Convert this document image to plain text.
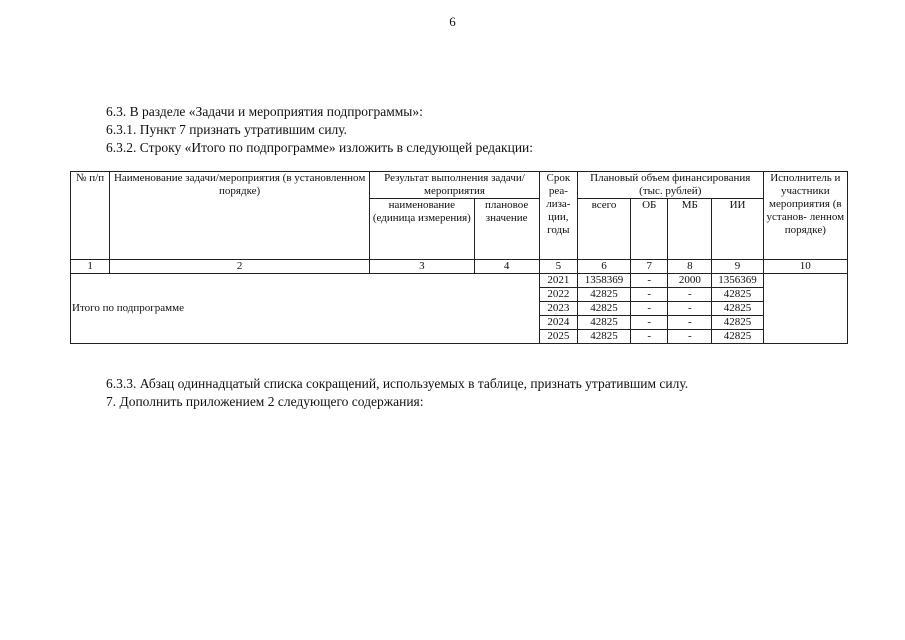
6
6.3. В разделе «Задачи и мероприятия подпрограммы»:
6.3.1. Пункт 7 признать утратившим силу.
6.3.2. Строку «Итого по подпрограмме» изложить в следующей редакции:
№ п/п	Наименование задачи/мероприятия (в установленном порядке)	Результат выполнения задачи/мероприятия		Срок реа- лиза- ции, годы	Плановый объем финансирования (тыс. рублей)				Исполнитель и участники мероприятия (в установ- ленном порядке)
		наименование (единица измерения)	плановое значение		всего	ОБ	МБ	ИИ	
1	2	3	4	5	6	7	8	9	10
Итого по подпрограмме				2021	1358369	-	2000	1356369	
				2022	42825	-	-	42825	
				2023	42825	-	-	42825	
				2024	42825	-	-	42825	
				2025	42825	-	-	42825	
6.3.3. Абзац одиннадцатый списка сокращений, используемых в таблице, признать утратившим силу.
7. Дополнить приложением 2 следующего содержания:
